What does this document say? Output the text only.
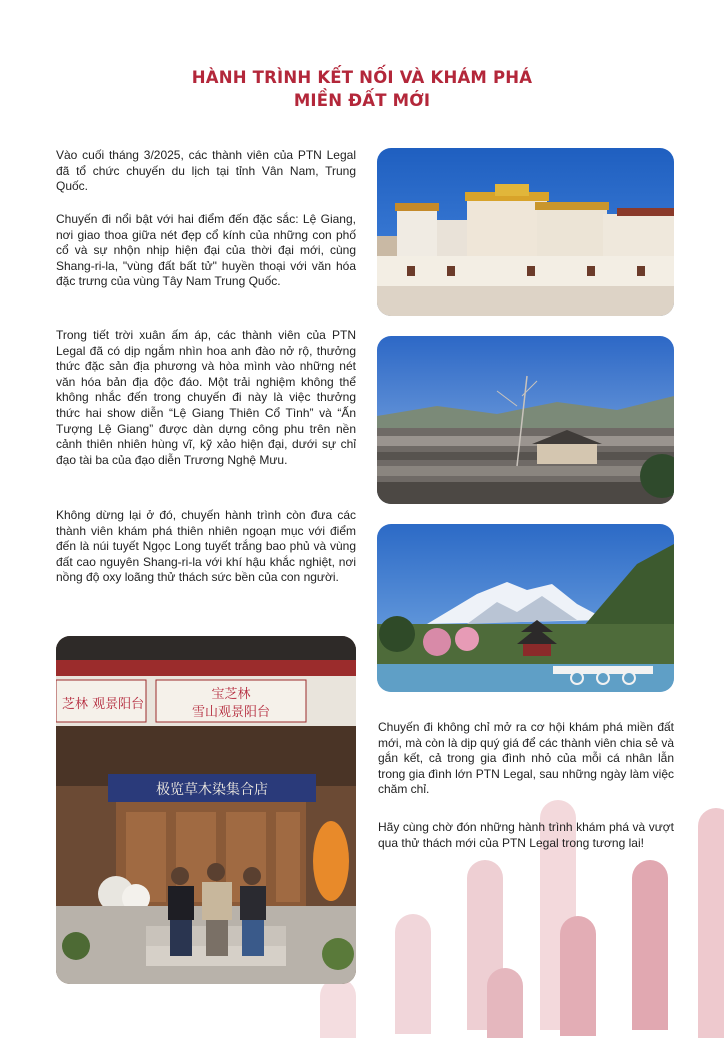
HÀNH TRÌNH KẾT NỐI VÀ KHÁM PHÁ
MIỀN ĐẤT MỚI

Vào cuối tháng 3/2025, các thành viên của PTN Legal đã tổ chức chuyến du lịch tại tỉnh Vân Nam, Trung Quốc.

Chuyến đi nổi bật với hai điểm đến đặc sắc: Lệ Giang, nơi giao thoa giữa nét đẹp cổ kính của những con phố cổ và sự nhộn nhịp hiện đại của thời đại mới, cùng Shang-ri-la, "vùng đất bất tử" huyền thoại với văn hóa đặc trưng của vùng Tây Nam Trung Quốc.

Trong tiết trời xuân ấm áp, các thành viên của PTN Legal đã có dịp ngắm nhìn hoa anh đào nở rộ, thưởng thức đặc sản địa phương và hòa mình vào những nét văn hóa bản địa độc đáo. Một trải nghiệm không thể không nhắc đến trong chuyến đi này là việc thưởng thức hai show diễn “Lệ Giang Thiên Cổ Tình” và “Ấn Tượng Lệ Giang” được dàn dựng công phu trên nền cảnh thiên nhiên hùng vĩ, kỹ xảo hiện đại, dưới sự chỉ đạo tài ba của đạo diễn Trương Nghệ Mưu.

Không dừng lại ở đó, chuyến hành trình còn đưa các thành viên khám phá thiên nhiên ngoạn mục với điểm đến là núi tuyết Ngọc Long tuyết trắng bao phủ và vùng đất cao nguyên Shang-ri-la với khí hậu khắc nghiệt, nơi nồng độ oxy loãng thử thách sức bền của con người.

Chuyến đi không chỉ mở ra cơ hội khám phá miền đất mới, mà còn là dịp quý giá để các thành viên chia sẻ và gắn kết, cả trong gia đình nhỏ của mỗi cá nhân lẫn trong gia đình lớn PTN Legal, sau những ngày làm việc chăm chỉ.

Hãy cùng chờ đón những hành trình khám phá và vượt qua thử thách mới của PTN Legal trong tương lai!

芝林 观景阳台
宝芝林
雪山观景阳台
极览草木染集合店
